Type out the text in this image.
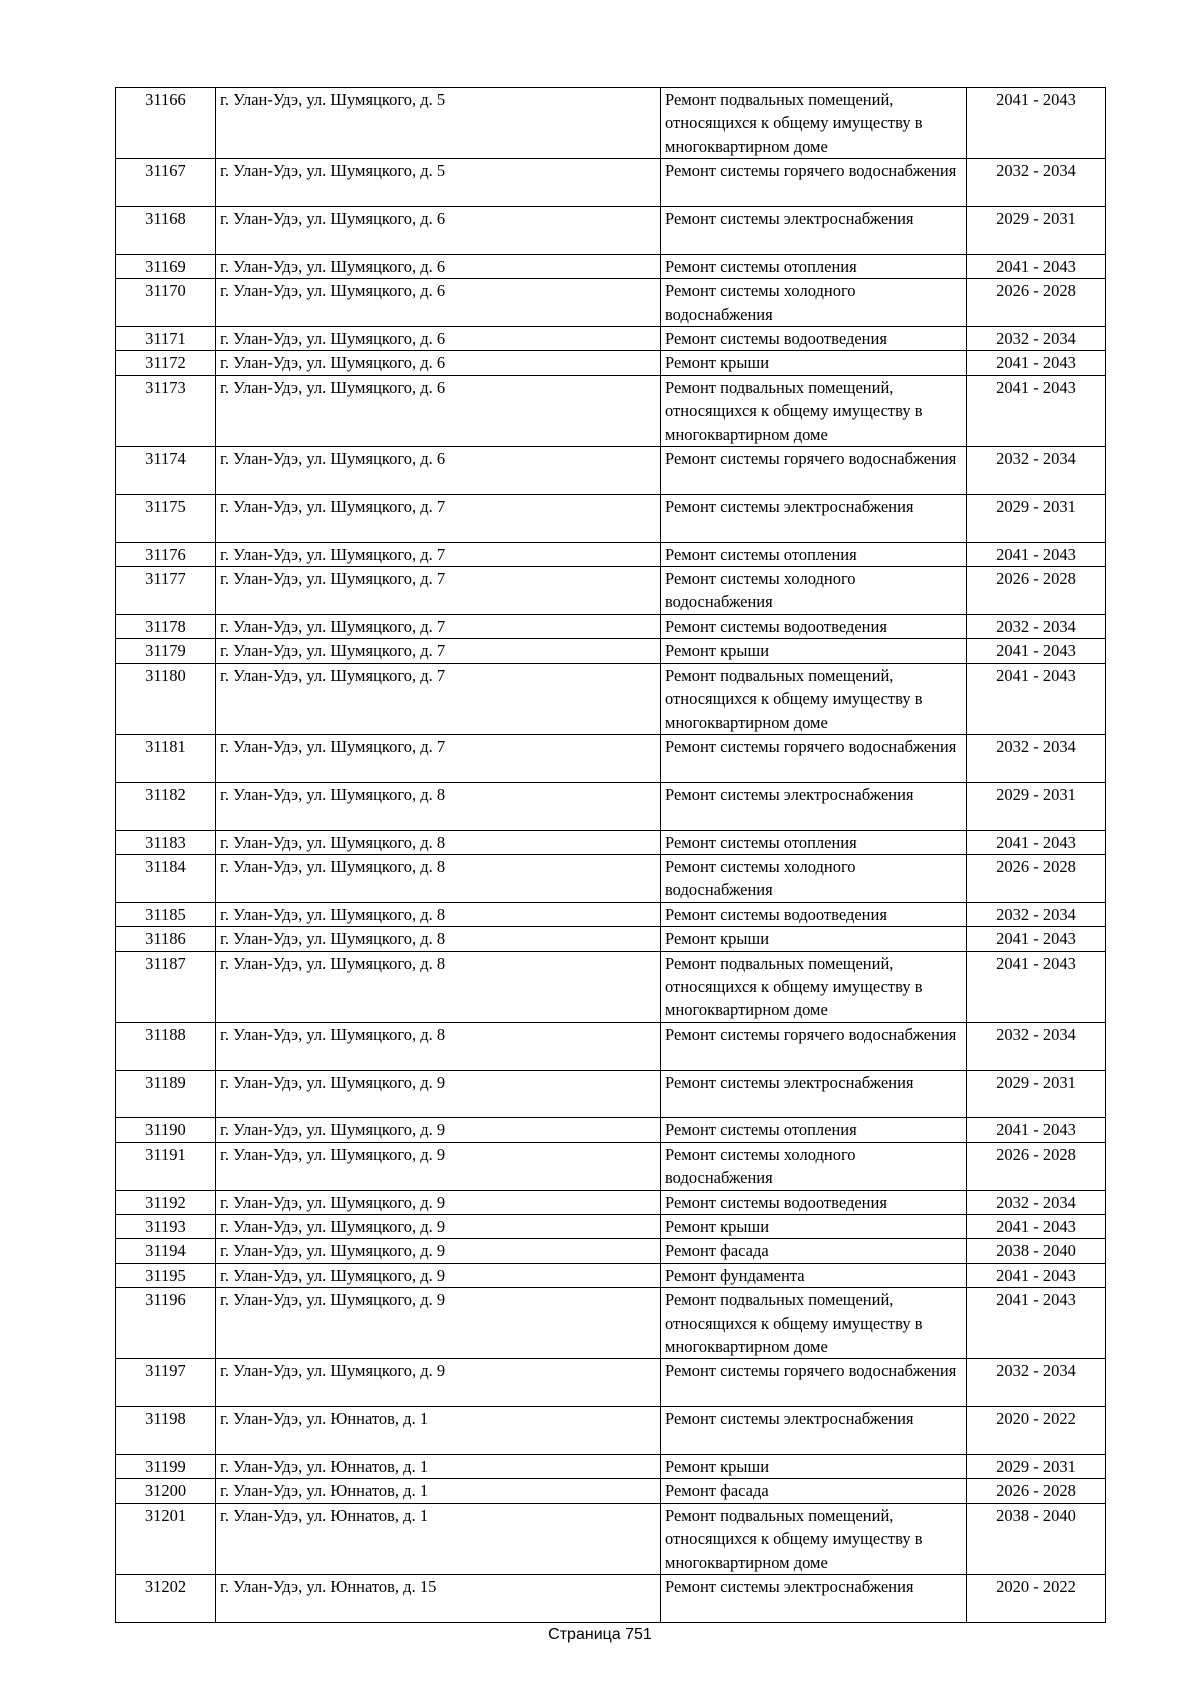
31166	г. Улан-Удэ, ул. Шумяцкого, д. 5	Ремонт подвальных помещений, относящихся к общему имуществу в многоквартирном доме	2041 - 2043
31167	г. Улан-Удэ, ул. Шумяцкого, д. 5	Ремонт системы горячего водоснабжения	2032 - 2034
31168	г. Улан-Удэ, ул. Шумяцкого, д. 6	Ремонт системы электроснабжения	2029 - 2031
31169	г. Улан-Удэ, ул. Шумяцкого, д. 6	Ремонт системы отопления	2041 - 2043
31170	г. Улан-Удэ, ул. Шумяцкого, д. 6	Ремонт системы холодного водоснабжения	2026 - 2028
31171	г. Улан-Удэ, ул. Шумяцкого, д. 6	Ремонт системы водоотведения	2032 - 2034
31172	г. Улан-Удэ, ул. Шумяцкого, д. 6	Ремонт крыши	2041 - 2043
31173	г. Улан-Удэ, ул. Шумяцкого, д. 6	Ремонт подвальных помещений, относящихся к общему имуществу в многоквартирном доме	2041 - 2043
31174	г. Улан-Удэ, ул. Шумяцкого, д. 6	Ремонт системы горячего водоснабжения	2032 - 2034
31175	г. Улан-Удэ, ул. Шумяцкого, д. 7	Ремонт системы электроснабжения	2029 - 2031
31176	г. Улан-Удэ, ул. Шумяцкого, д. 7	Ремонт системы отопления	2041 - 2043
31177	г. Улан-Удэ, ул. Шумяцкого, д. 7	Ремонт системы холодного водоснабжения	2026 - 2028
31178	г. Улан-Удэ, ул. Шумяцкого, д. 7	Ремонт системы водоотведения	2032 - 2034
31179	г. Улан-Удэ, ул. Шумяцкого, д. 7	Ремонт крыши	2041 - 2043
31180	г. Улан-Удэ, ул. Шумяцкого, д. 7	Ремонт подвальных помещений, относящихся к общему имуществу в многоквартирном доме	2041 - 2043
31181	г. Улан-Удэ, ул. Шумяцкого, д. 7	Ремонт системы горячего водоснабжения	2032 - 2034
31182	г. Улан-Удэ, ул. Шумяцкого, д. 8	Ремонт системы электроснабжения	2029 - 2031
31183	г. Улан-Удэ, ул. Шумяцкого, д. 8	Ремонт системы отопления	2041 - 2043
31184	г. Улан-Удэ, ул. Шумяцкого, д. 8	Ремонт системы холодного водоснабжения	2026 - 2028
31185	г. Улан-Удэ, ул. Шумяцкого, д. 8	Ремонт системы водоотведения	2032 - 2034
31186	г. Улан-Удэ, ул. Шумяцкого, д. 8	Ремонт крыши	2041 - 2043
31187	г. Улан-Удэ, ул. Шумяцкого, д. 8	Ремонт подвальных помещений, относящихся к общему имуществу в многоквартирном доме	2041 - 2043
31188	г. Улан-Удэ, ул. Шумяцкого, д. 8	Ремонт системы горячего водоснабжения	2032 - 2034
31189	г. Улан-Удэ, ул. Шумяцкого, д. 9	Ремонт системы электроснабжения	2029 - 2031
31190	г. Улан-Удэ, ул. Шумяцкого, д. 9	Ремонт системы отопления	2041 - 2043
31191	г. Улан-Удэ, ул. Шумяцкого, д. 9	Ремонт системы холодного водоснабжения	2026 - 2028
31192	г. Улан-Удэ, ул. Шумяцкого, д. 9	Ремонт системы водоотведения	2032 - 2034
31193	г. Улан-Удэ, ул. Шумяцкого, д. 9	Ремонт крыши	2041 - 2043
31194	г. Улан-Удэ, ул. Шумяцкого, д. 9	Ремонт фасада	2038 - 2040
31195	г. Улан-Удэ, ул. Шумяцкого, д. 9	Ремонт фундамента	2041 - 2043
31196	г. Улан-Удэ, ул. Шумяцкого, д. 9	Ремонт подвальных помещений, относящихся к общему имуществу в многоквартирном доме	2041 - 2043
31197	г. Улан-Удэ, ул. Шумяцкого, д. 9	Ремонт системы горячего водоснабжения	2032 - 2034
31198	г. Улан-Удэ, ул. Юннатов, д. 1	Ремонт системы электроснабжения	2020 - 2022
31199	г. Улан-Удэ, ул. Юннатов, д. 1	Ремонт крыши	2029 - 2031
31200	г. Улан-Удэ, ул. Юннатов, д. 1	Ремонт фасада	2026 - 2028
31201	г. Улан-Удэ, ул. Юннатов, д. 1	Ремонт подвальных помещений, относящихся к общему имуществу в многоквартирном доме	2038 - 2040
31202	г. Улан-Удэ, ул. Юннатов, д. 15	Ремонт системы электроснабжения	2020 - 2022
Страница 751
